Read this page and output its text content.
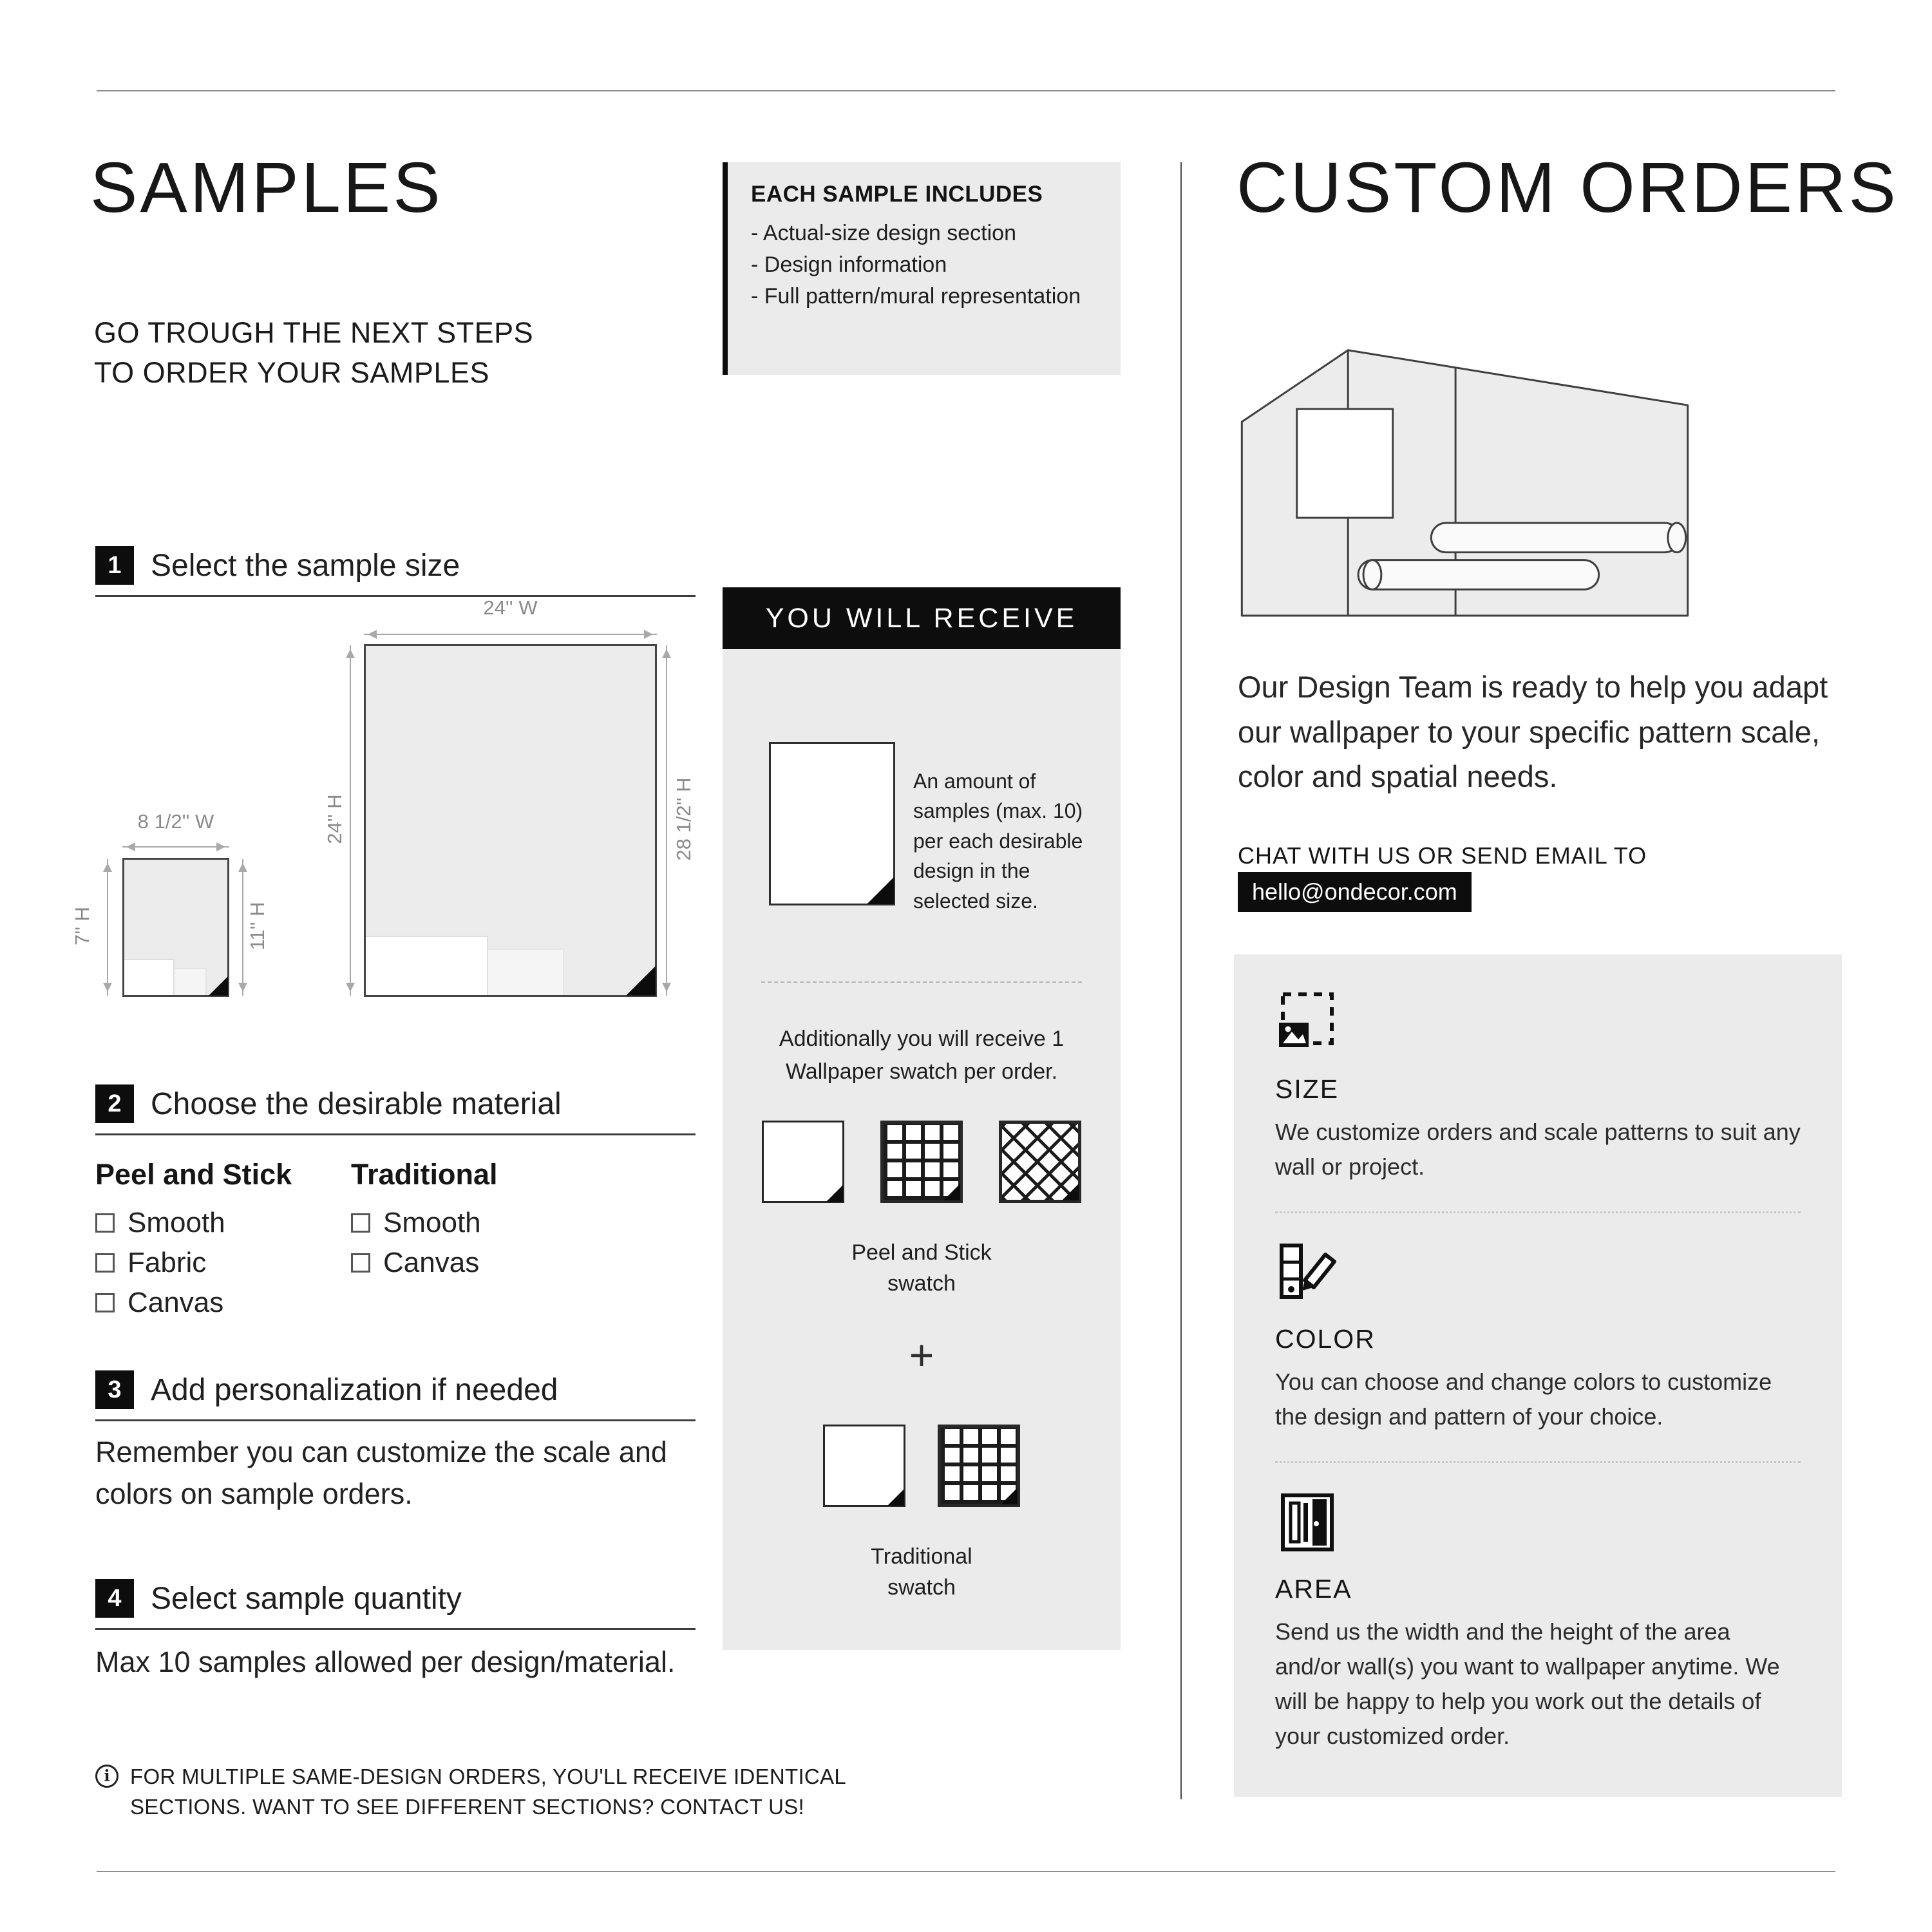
SAMPLES
GO TROUGH THE NEXT STEPS
TO ORDER YOUR SAMPLES
EACH SAMPLE INCLUDES
- Actual-size design section
- Design information
- Full pattern/mural representation
1 Select the sample size
24'' W
24'' H	28 1/2'' H
8 1/2'' W
7'' H	11'' H
2 Choose the desirable material
Peel and Stick
Smooth
Fabric
Canvas
Traditional
Smooth
Canvas
3 Add personalization if needed
Remember you can customize the scale and colors on sample orders.
4 Select sample quantity
Max 10 samples allowed per design/material.
i
FOR MULTIPLE SAME-DESIGN ORDERS, YOU'LL RECEIVE IDENTICAL SECTIONS. WANT TO SEE DIFFERENT SECTIONS? CONTACT US!
YOU WILL RECEIVE
An amount of samples (max. 10) per each desirable design in the selected size.
Additionally you will receive 1 Wallpaper swatch per order.
Peel and Stick
swatch
+
Traditional
swatch
CUSTOM ORDERS

Our Design Team is ready to help you adapt our wallpaper to your specific pattern scale, color and spatial needs.

CHAT WITH US OR SEND EMAIL TO
hello@ondecor.com
SIZE
We customize orders and scale patterns to suit any wall or project.
COLOR
You can choose and change colors to customize the design and pattern of your choice.
AREA
Send us the width and the height of the area and/or wall(s) you want to wallpaper anytime. We will be happy to help you work out the details of your customized order.
